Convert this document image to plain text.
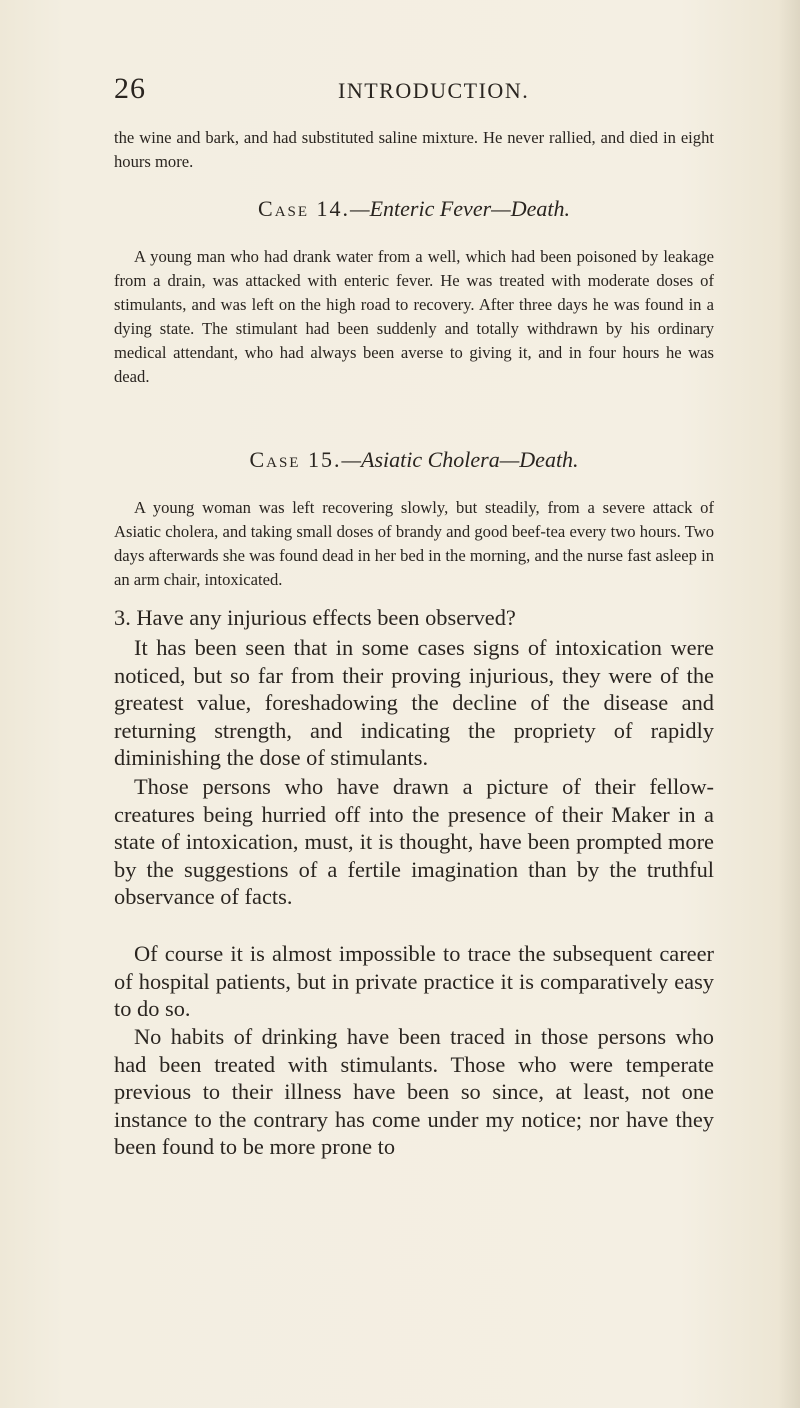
26	INTRODUCTION.

the wine and bark, and had substituted saline mixture. He never rallied, and died in eight hours more.

Case 14.—Enteric Fever—Death.

A young man who had drank water from a well, which had been poisoned by leakage from a drain, was attacked with enteric fever. He was treated with moderate doses of stimulants, and was left on the high road to recovery. After three days he was found in a dying state. The stimulant had been suddenly and totally withdrawn by his ordinary medical attendant, who had always been averse to giving it, and in four hours he was dead.

Case 15.—Asiatic Cholera—Death.

A young woman was left recovering slowly, but steadily, from a severe attack of Asiatic cholera, and taking small doses of brandy and good beef-tea every two hours. Two days afterwards she was found dead in her bed in the morning, and the nurse fast asleep in an arm chair, intoxicated.

3. Have any injurious effects been observed?

It has been seen that in some cases signs of intoxication were noticed, but so far from their proving injurious, they were of the greatest value, foreshadowing the decline of the disease and returning strength, and indicating the propriety of rapidly diminishing the dose of stimulants.

Those persons who have drawn a picture of their fellow-creatures being hurried off into the presence of their Maker in a state of intoxication, must, it is thought, have been prompted more by the suggestions of a fertile imagination than by the truthful observance of facts.

Of course it is almost impossible to trace the subsequent career of hospital patients, but in private practice it is comparatively easy to do so.

No habits of drinking have been traced in those persons who had been treated with stimulants. Those who were temperate previous to their illness have been so since, at least, not one instance to the contrary has come under my notice; nor have they been found to be more prone to
